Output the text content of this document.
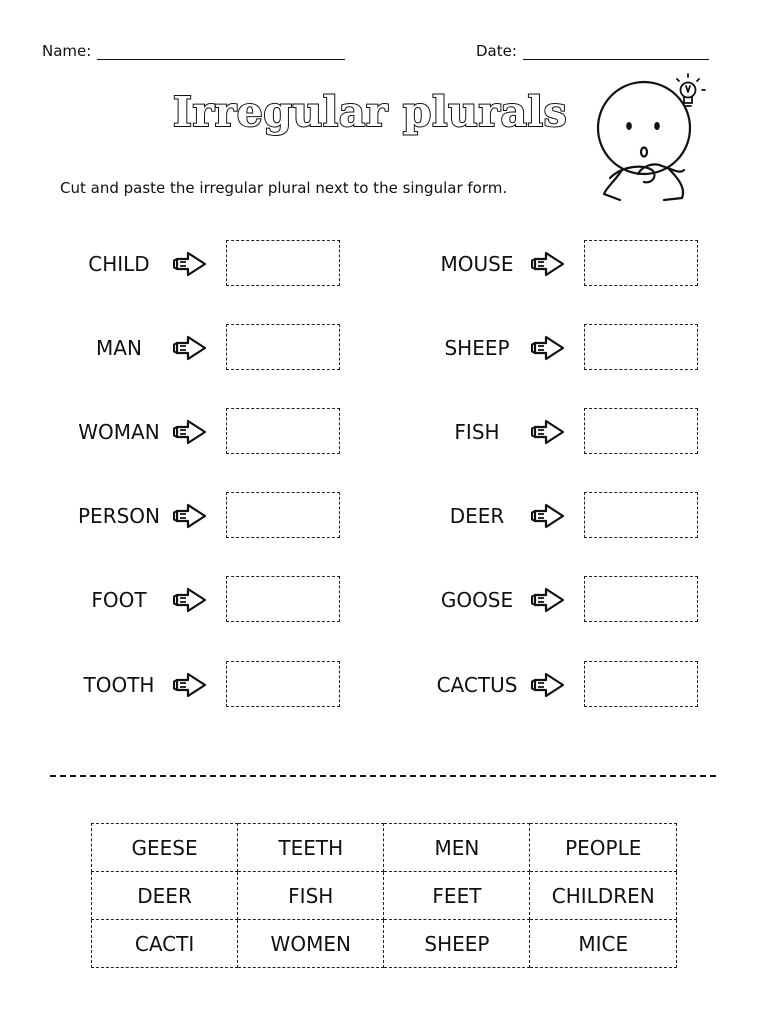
Name:	Date:
Irregular plurals
Cut and paste the irregular plural next to the singular form.
CHILD
MAN
WOMAN
PERSON
FOOT
TOOTH
MOUSE
SHEEP
FISH
DEER
GOOSE
CACTUS
GEESE	TEETH	MEN	PEOPLE
DEER	FISH	FEET	CHILDREN
CACTI	WOMEN	SHEEP	MICE
